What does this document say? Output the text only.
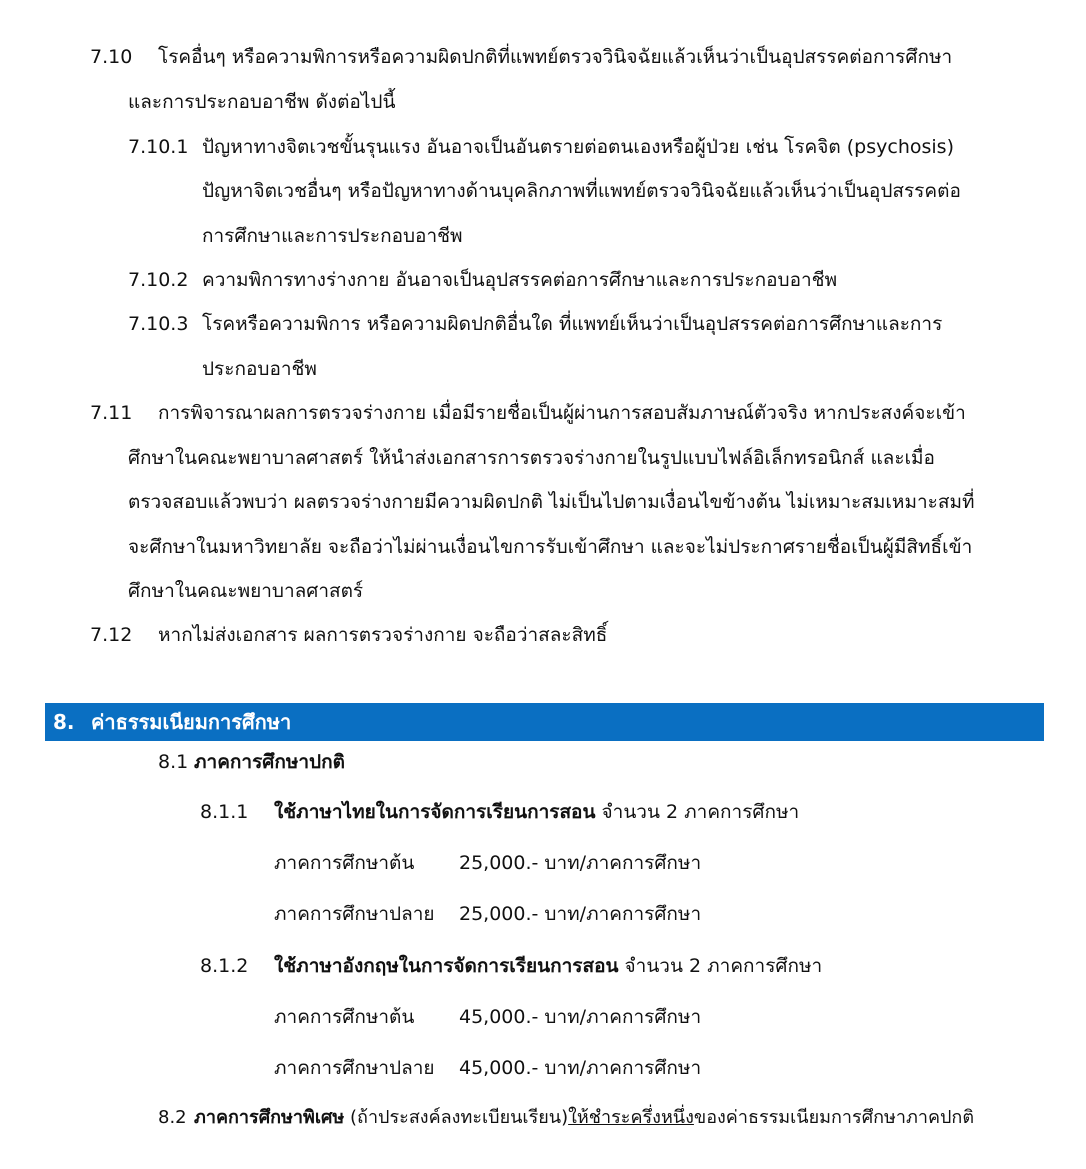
7.10 โรคอื่นๆ หรือความพิการหรือความผิดปกติที่แพทย์ตรวจวินิจฉัยแล้วเห็นว่าเป็นอุปสรรคต่อการศึกษา
และการประกอบอาชีพ ดังต่อไปนี้
7.10.1 ปัญหาทางจิตเวชขั้นรุนแรง อันอาจเป็นอันตรายต่อตนเองหรือผู้ป่วย เช่น โรคจิต (psychosis)
ปัญหาจิตเวชอื่นๆ หรือปัญหาทางด้านบุคลิกภาพที่แพทย์ตรวจวินิจฉัยแล้วเห็นว่าเป็นอุปสรรคต่อ
การศึกษาและการประกอบอาชีพ
7.10.2 ความพิการทางร่างกาย อันอาจเป็นอุปสรรคต่อการศึกษาและการประกอบอาชีพ
7.10.3 โรคหรือความพิการ หรือความผิดปกติอื่นใด ที่แพทย์เห็นว่าเป็นอุปสรรคต่อการศึกษาและการ
ประกอบอาชีพ
7.11 การพิจารณาผลการตรวจร่างกาย เมื่อมีรายชื่อเป็นผู้ผ่านการสอบสัมภาษณ์ตัวจริง หากประสงค์จะเข้า
ศึกษาในคณะพยาบาลศาสตร์ ให้นำส่งเอกสารการตรวจร่างกายในรูปแบบไฟล์อิเล็กทรอนิกส์ และเมื่อ
ตรวจสอบแล้วพบว่า ผลตรวจร่างกายมีความผิดปกติ ไม่เป็นไปตามเงื่อนไขข้างต้น ไม่เหมาะสมเหมาะสมที่
จะศึกษาในมหาวิทยาลัย จะถือว่าไม่ผ่านเงื่อนไขการรับเข้าศึกษา และจะไม่ประกาศรายชื่อเป็นผู้มีสิทธิ์เข้า
ศึกษาในคณะพยาบาลศาสตร์
7.12 หากไม่ส่งเอกสาร ผลการตรวจร่างกาย จะถือว่าสละสิทธิ์
8. ค่าธรรมเนียมการศึกษา
8.1 ภาคการศึกษาปกติ
8.1.1 ใช้ภาษาไทยในการจัดการเรียนการสอน จำนวน 2 ภาคการศึกษา
ภาคการศึกษาต้น 25,000.- บาท/ภาคการศึกษา
ภาคการศึกษาปลาย 25,000.- บาท/ภาคการศึกษา
8.1.2 ใช้ภาษาอังกฤษในการจัดการเรียนการสอน จำนวน 2 ภาคการศึกษา
ภาคการศึกษาต้น 45,000.- บาท/ภาคการศึกษา
ภาคการศึกษาปลาย 45,000.- บาท/ภาคการศึกษา
8.2 ภาคการศึกษาพิเศษ (ถ้าประสงค์ลงทะเบียนเรียน)ให้ชำระครึ่งหนึ่งของค่าธรรมเนียมการศึกษาภาคปกติ
